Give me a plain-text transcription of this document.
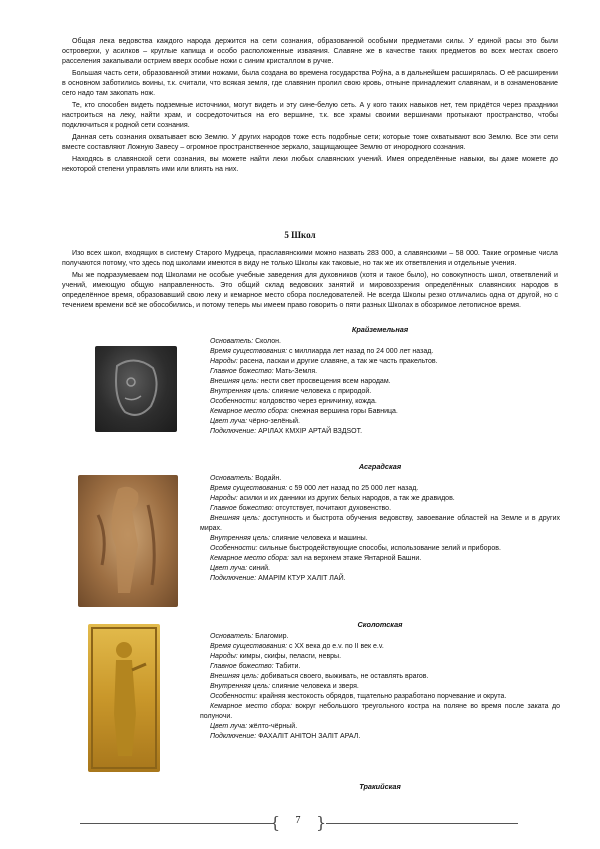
Общая лека ведовства каждого народа держится на сети сознания, образованной особыми предметами силы. У единой расы это были островерхи, у асилков – круглые капища и особо расположенные изваяния. Славяне же в качестве таких предметов во всех местах своего расселения закапывали острием вверх особые ножи с синим кристаллом в ручке.

Большая часть сети, образованной этими ножами, была создана во времена государства Роўна, а в дальнейшем расширялась. О её расширении в основном заботились воины, т.к. считали, что всякая земля, где славянин пролил свою кровь, отныне принадлежит славянам, и в ознаменование сего надо там закопать нож.

Те, кто способен видеть подземные источники, могут видеть и эту сине-белую сеть. А у кого таких навыков нет, тем придётся через праздники настроиться на леку, найти храм, и сосредоточиться на его вершине, т.к. все храмы своими вершинами протыкают пространство, чтобы подключиться к родной сети сознания.

Данная сеть сознания охватывает всю Землю. У других народов тоже есть подобные сети; которые тоже охватывают всю Землю. Все эти сети вместе составляют Ложную Завесу – огромное пространственное зеркало, защищающее Землю от инородного сознания.

Находясь в славянской сети сознания, вы можете найти леки любых славянских учений. Имея определённые навыки, вы даже можете до некоторой степени управлять ими или влиять на них.

5 Школ

Изо всех школ, входящих в систему Старого Мудреца, праславянскими можно назвать 283 000, а славянскими – 58 000. Такие огромные числа получаются потому, что здесь под школами имеются в виду не только Школы как таковые, но так же их ответвления и отдельные учения.

Мы же подразумеваем под Школами не особые учебные заведения для духовников (хотя и такое было), но совокупность школ, ответвлений и учений, имеющую общую направленность. Это общий склад ведовских занятий и мировоззрения определённых славянских народов в определённое время, образовавший свою леку и кемарное место сбора последователей. Не всегда Школы резко отличались одна от другой, но с течением времени всё же обособились, и потому теперь мы имеем право говорить о пяти разных Школах в обозримое летописное время.

Крайземельная

Основатель: Сколон.

Время существования: с миллиарда лет назад по 24 000 лет назад.

Народы: расена, ласкаи и другие славяне, а так же часть пракельтов.

Главное божество: Мать-Земля.

Внешняя цель: нести свет просвещения всем народам.

Внутренняя цель: слияние человека с природой.

Особенности: колдовство через ерничинку, кожда.

Кемарное место сбора: снежная вершина горы Бавница.

Цвет луча: чёрно-зелёный.

Подключение: АРІЛАХ КМХІР АРТАЙ ВЗДSОТ.

Асградская

Основатель: Водайн.

Время существования: с 59 000 лет назад по 25 000 лет назад.

Народы: асилки и их данники из других белых народов, а так же дравидов.

Главное божество: отсутствует, почитают духовенство.

Внешняя цель: доступность и быстрота обучения ведовству, завоевание областей на Земле и в других мирах.

Внутренняя цель: слияние человека и машины.

Особенности: сильные быстродействующие способы, использование зелий и приборов.

Кемарное место сбора: зал на верхнем этаже Янтарной Башни.

Цвет луча: синий.

Подключение: АМАРІМ КТУР ХАЛІТ ЛАЙ.

Сколотская

Основатель: Благомир.

Время существования: с XX века до е.v. по II век е.v.

Народы: кимры, скифы, пеласги, невры.

Главное божество: Табити.

Внешняя цель: добиваться своего, выживать, не оставлять врагов.

Внутренняя цель: слияние человека и зверя.

Особенности: крайняя жестокость обрядов, тщательно разработано порчевание и окрута.

Кемарное место сбора: вокруг небольшого треугольного костра на поляне во время после заката до полуночи.

Цвет луча: жёлто-чёрный.

Подключение: ФАХАЛІТ АНІТОН ЗАЛІТ АРАЛ.

Тракийская

{ }
7
